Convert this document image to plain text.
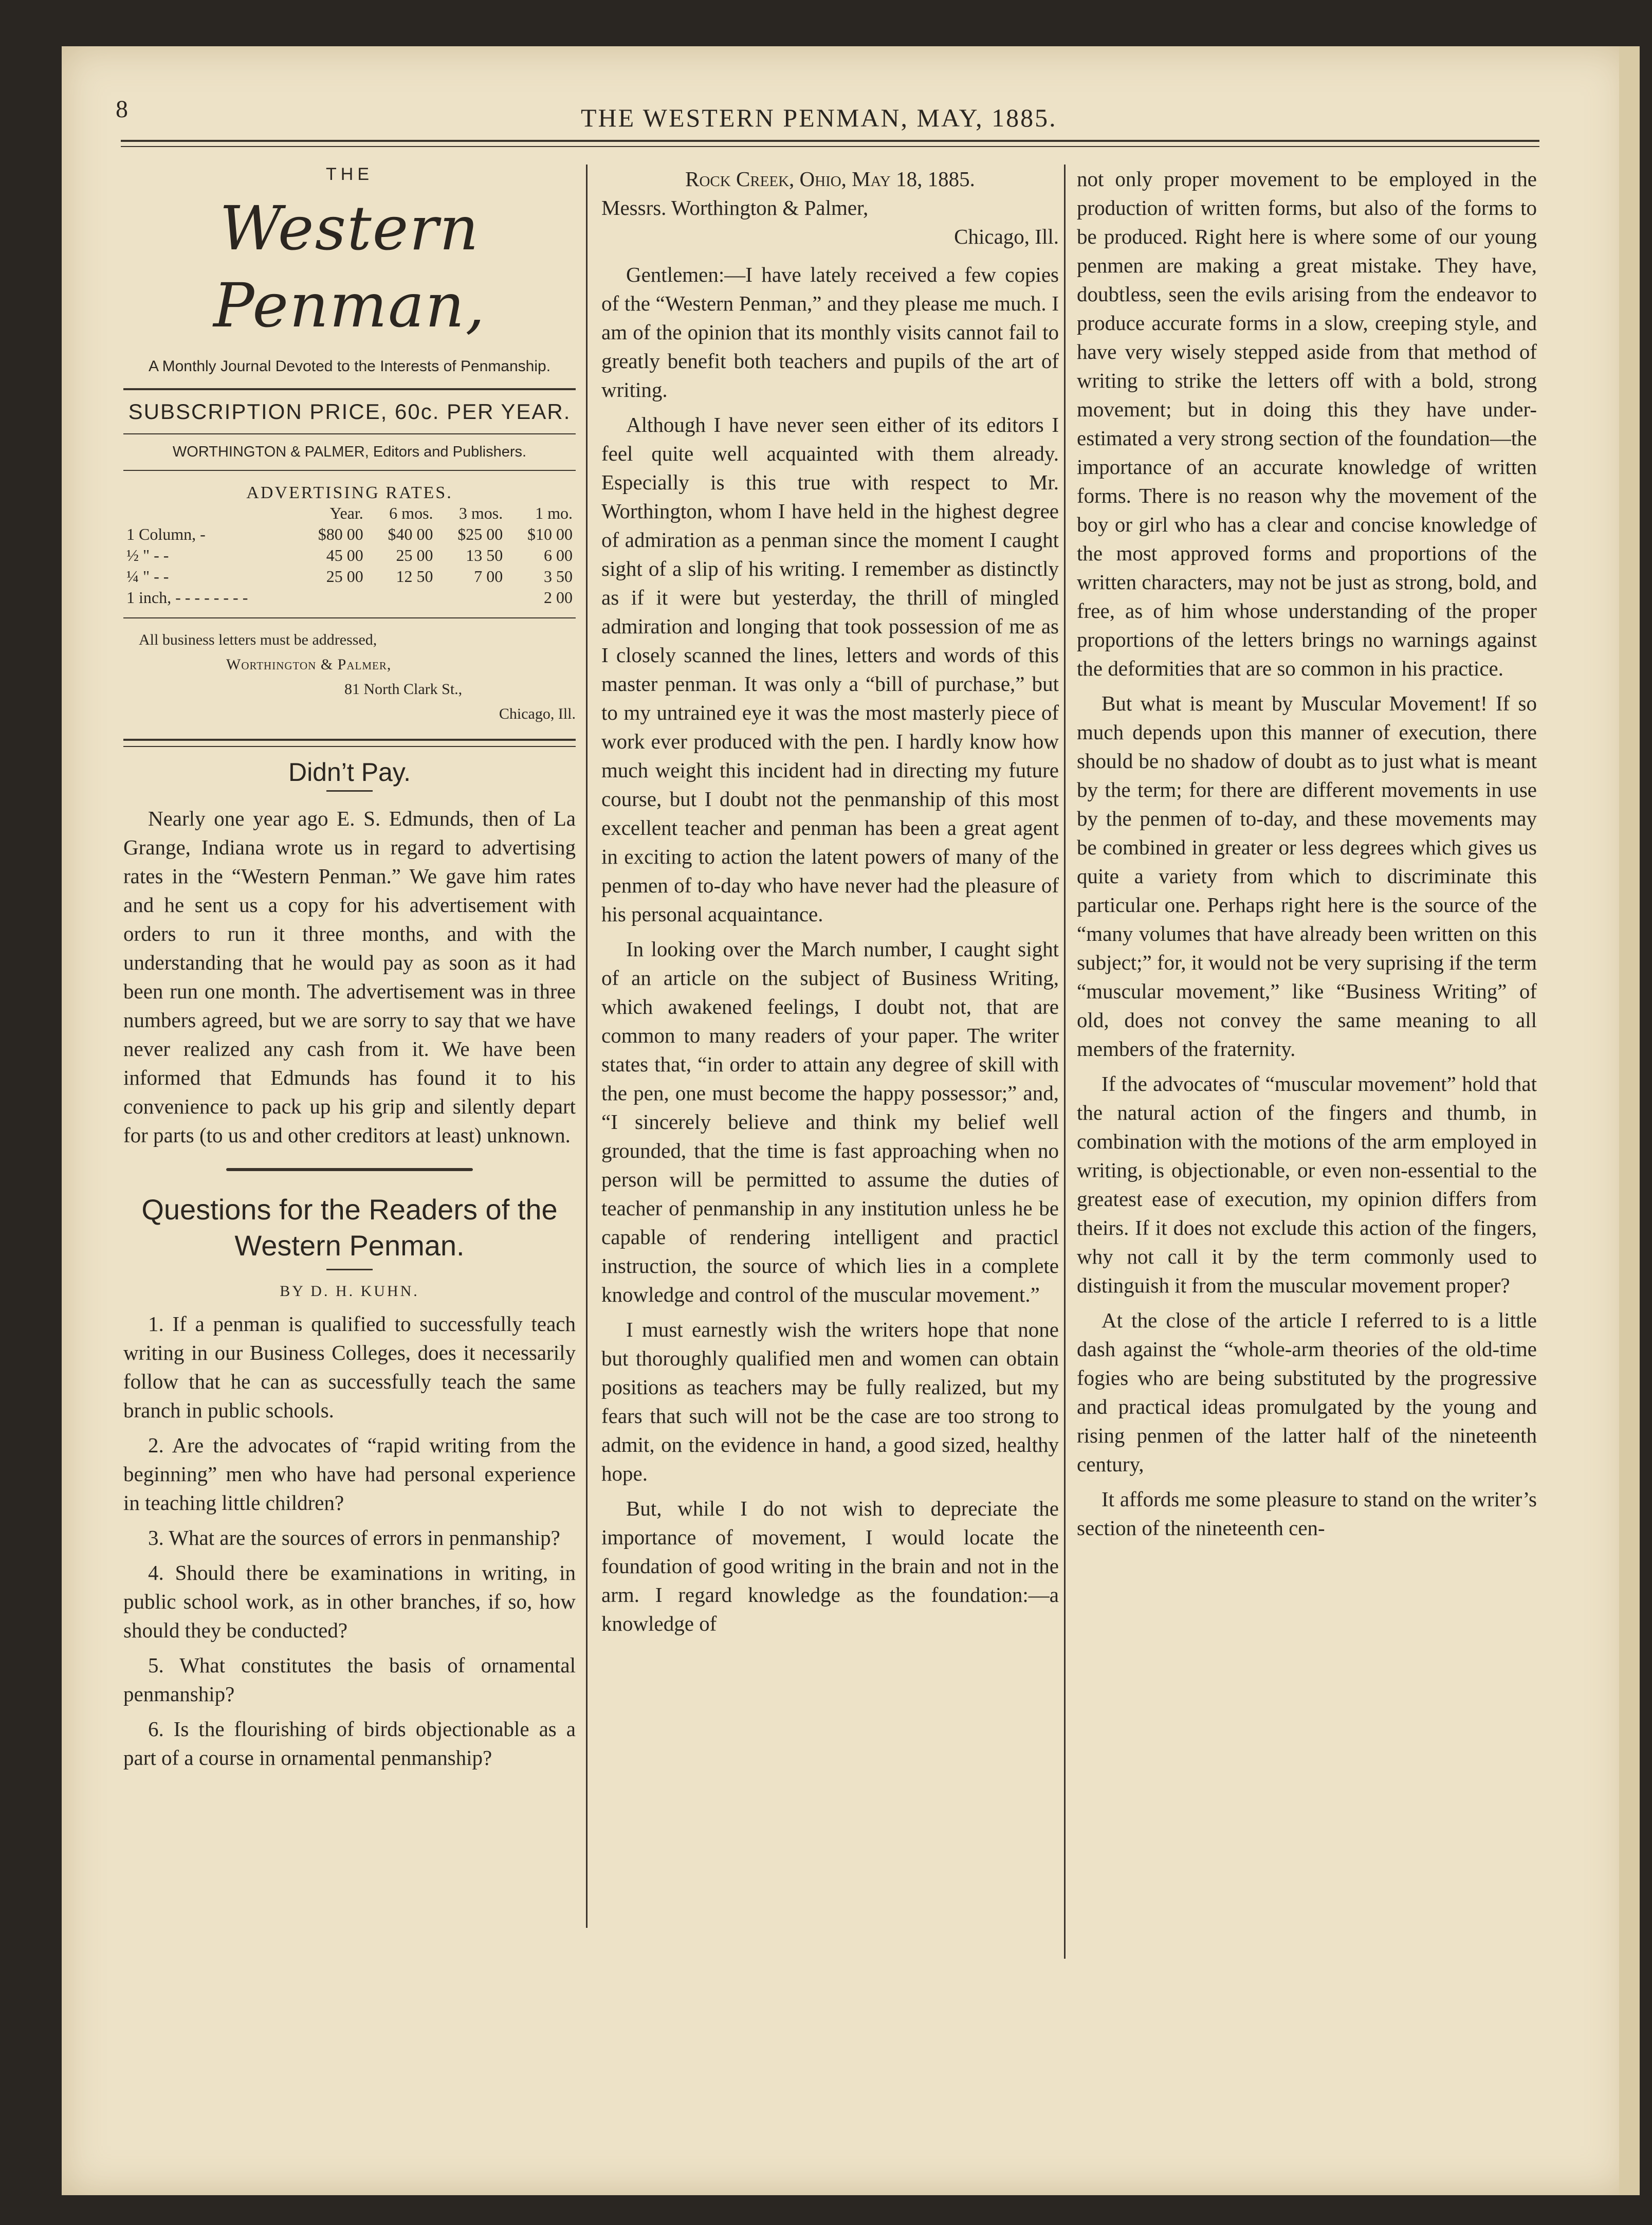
8	THE WESTERN PENMAN, MAY, 1885.
THE
Western Penman,
A Monthly Journal Devoted to the Interests of Penmanship.
SUBSCRIPTION PRICE, 60c. PER YEAR.
WORTHINGTON & PALMER, Editors and Publishers.
ADVERTISING RATES.
	Year.	6 mos.	3 mos.	1 mo.
1 Column, -	$80 00	$40 00	$25 00	$10 00
½ " - -	45 00	25 00	13 50	6 00
¼ " - -	25 00	12 50	7 00	3 50
1 inch, - - - - - - - -				2 00
All business letters must be addressed,
Worthington & Palmer,
81 North Clark St.,
Chicago, Ill.
Didn’t Pay.

Nearly one year ago E. S. Edmunds, then of La Grange, Indiana wrote us in regard to advertising rates in the “Western Penman.” We gave him rates and he sent us a copy for his advertisement with orders to run it three months, and with the understanding that he would pay as soon as it had been run one month. The advertisement was in three numbers agreed, but we are sorry to say that we have never realized any cash from it. We have been informed that Edmunds has found it to his convenience to pack up his grip and silently depart for parts (to us and other creditors at least) unknown.

Questions for the Readers of the Western Penman.
BY D. H. KUHN.

1. If a penman is qualified to successfully teach writing in our Business Colleges, does it necessarily follow that he can as successfully teach the same branch in public schools.

2. Are the advocates of “rapid writing from the beginning” men who have had personal experience in teaching little children?

3. What are the sources of errors in penmanship?

4. Should there be examinations in writing, in public school work, as in other branches, if so, how should they be conducted?

5. What constitutes the basis of ornamental penmanship?

6. Is the flourishing of birds objectionable as a part of a course in ornamental penmanship?

Rock Creek, Ohio, May 18, 1885.
Messrs. Worthington & Palmer,
Chicago, Ill.

Gentlemen:—I have lately received a few copies of the “Western Penman,” and they please me much. I am of the opinion that its monthly visits cannot fail to greatly benefit both teachers and pupils of the art of writing.

Although I have never seen either of its editors I feel quite well acquainted with them already. Especially is this true with respect to Mr. Worthington, whom I have held in the highest degree of admiration as a penman since the moment I caught sight of a slip of his writing. I remember as distinctly as if it were but yesterday, the thrill of mingled admiration and longing that took possession of me as I closely scanned the lines, letters and words of this master penman. It was only a “bill of purchase,” but to my untrained eye it was the most masterly piece of work ever produced with the pen. I hardly know how much weight this incident had in directing my future course, but I doubt not the penmanship of this most excellent teacher and penman has been a great agent in exciting to action the latent powers of many of the penmen of to-day who have never had the pleasure of his personal acquaintance.

In looking over the March number, I caught sight of an article on the subject of Business Writing, which awakened feelings, I doubt not, that are common to many readers of your paper. The writer states that, “in order to attain any degree of skill with the pen, one must become the happy possessor;” and, “I sincerely believe and think my belief well grounded, that the time is fast approaching when no person will be permitted to assume the duties of teacher of penmanship in any institution unless he be capable of rendering intelligent and practicl instruction, the source of which lies in a complete knowledge and control of the muscular movement.”

I must earnestly wish the writers hope that none but thoroughly qualified men and women can obtain positions as teachers may be fully realized, but my fears that such will not be the case are too strong to admit, on the evidence in hand, a good sized, healthy hope.

But, while I do not wish to depreciate the importance of movement, I would locate the foundation of good writing in the brain and not in the arm. I regard knowledge as the foundation:—a knowledge of

not only proper movement to be employed in the production of written forms, but also of the forms to be produced. Right here is where some of our young penmen are making a great mistake. They have, doubtless, seen the evils arising from the endeavor to produce accurate forms in a slow, creeping style, and have very wisely stepped aside from that method of writing to strike the letters off with a bold, strong movement; but in doing this they have under-estimated a very strong section of the foundation—the importance of an accurate knowledge of written forms. There is no reason why the movement of the boy or girl who has a clear and concise knowledge of the most approved forms and proportions of the written characters, may not be just as strong, bold, and free, as of him whose understanding of the proper proportions of the letters brings no warnings against the deformities that are so common in his practice.

But what is meant by Muscular Movement! If so much depends upon this manner of execution, there should be no shadow of doubt as to just what is meant by the term; for there are different movements in use by the penmen of to-day, and these movements may be combined in greater or less degrees which gives us quite a variety from which to discriminate this particular one. Perhaps right here is the source of the “many volumes that have already been written on this subject;” for, it would not be very suprising if the term “muscular movement,” like “Business Writing” of old, does not convey the same meaning to all members of the fraternity.

If the advocates of “muscular movement” hold that the natural action of the fingers and thumb, in combination with the motions of the arm employed in writing, is objectionable, or even non-essential to the greatest ease of execution, my opinion differs from theirs. If it does not exclude this action of the fingers, why not call it by the term commonly used to distinguish it from the muscular movement proper?

At the close of the article I referred to is a little dash against the “whole-arm theories of the old-time fogies who are being substituted by the progressive and practical ideas promulgated by the young and rising penmen of the latter half of the nineteenth century,

It affords me some pleasure to stand on the writer’s section of the nineteenth cen-
